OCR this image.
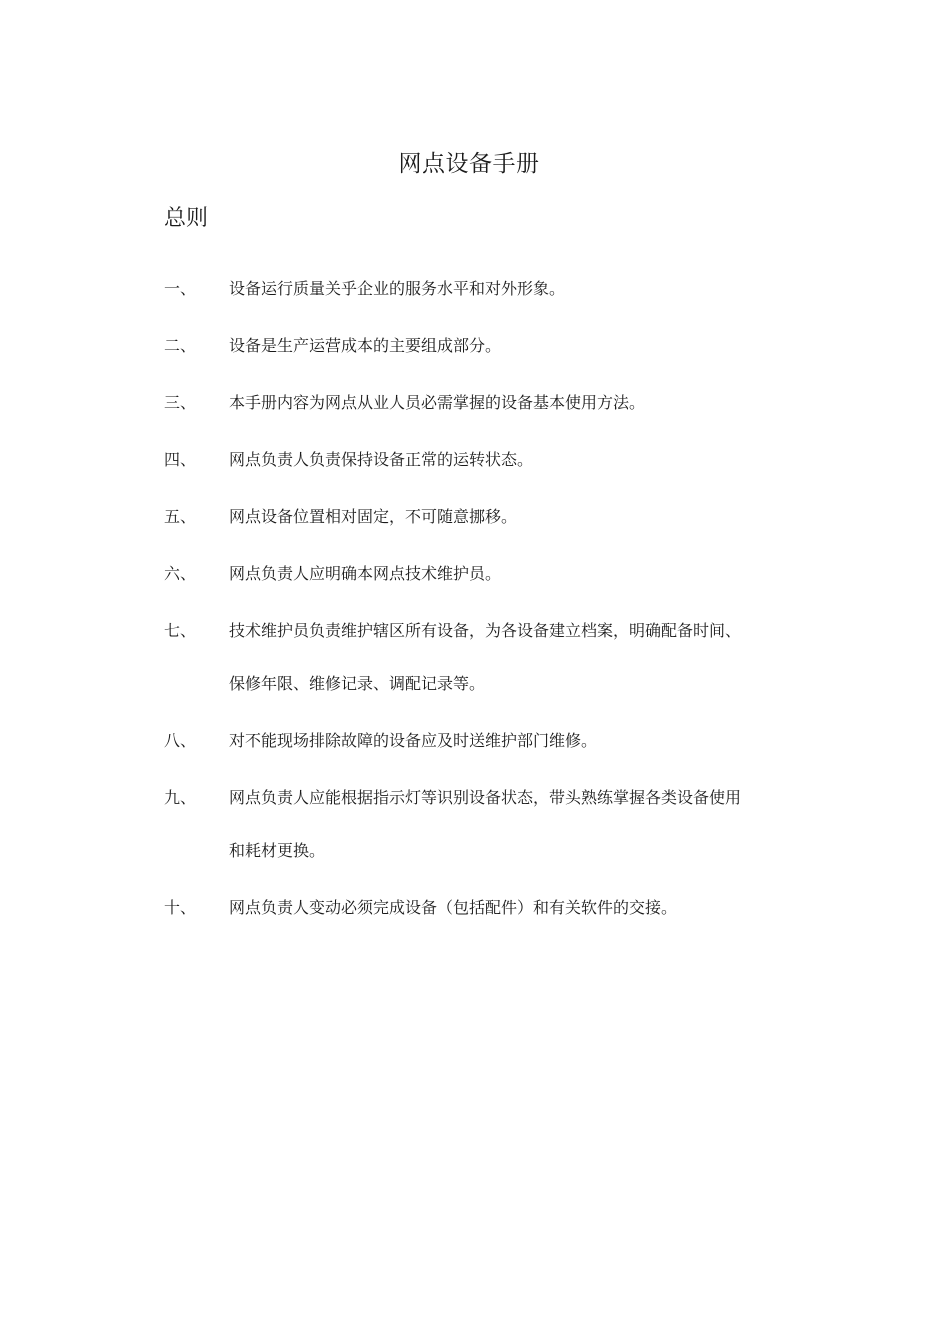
网点设备手册
总则
一、	设备运行质量关乎企业的服务水平和对外形象。
二、	设备是生产运营成本的主要组成部分。
三、	本手册内容为网点从业人员必需掌握的设备基本使用方法。
四、	网点负责人负责保持设备正常的运转状态。
五、	网点设备位置相对固定，不可随意挪移。
六、	网点负责人应明确本网点技术维护员。
七、	技术维护员负责维护辖区所有设备，为各设备建立档案，明确配备时间、保修年限、维修记录、调配记录等。
八、	对不能现场排除故障的设备应及时送维护部门维修。
九、	网点负责人应能根据指示灯等识别设备状态，带头熟练掌握各类设备使用和耗材更换。
十、	网点负责人变动必须完成设备（包括配件）和有关软件的交接。
